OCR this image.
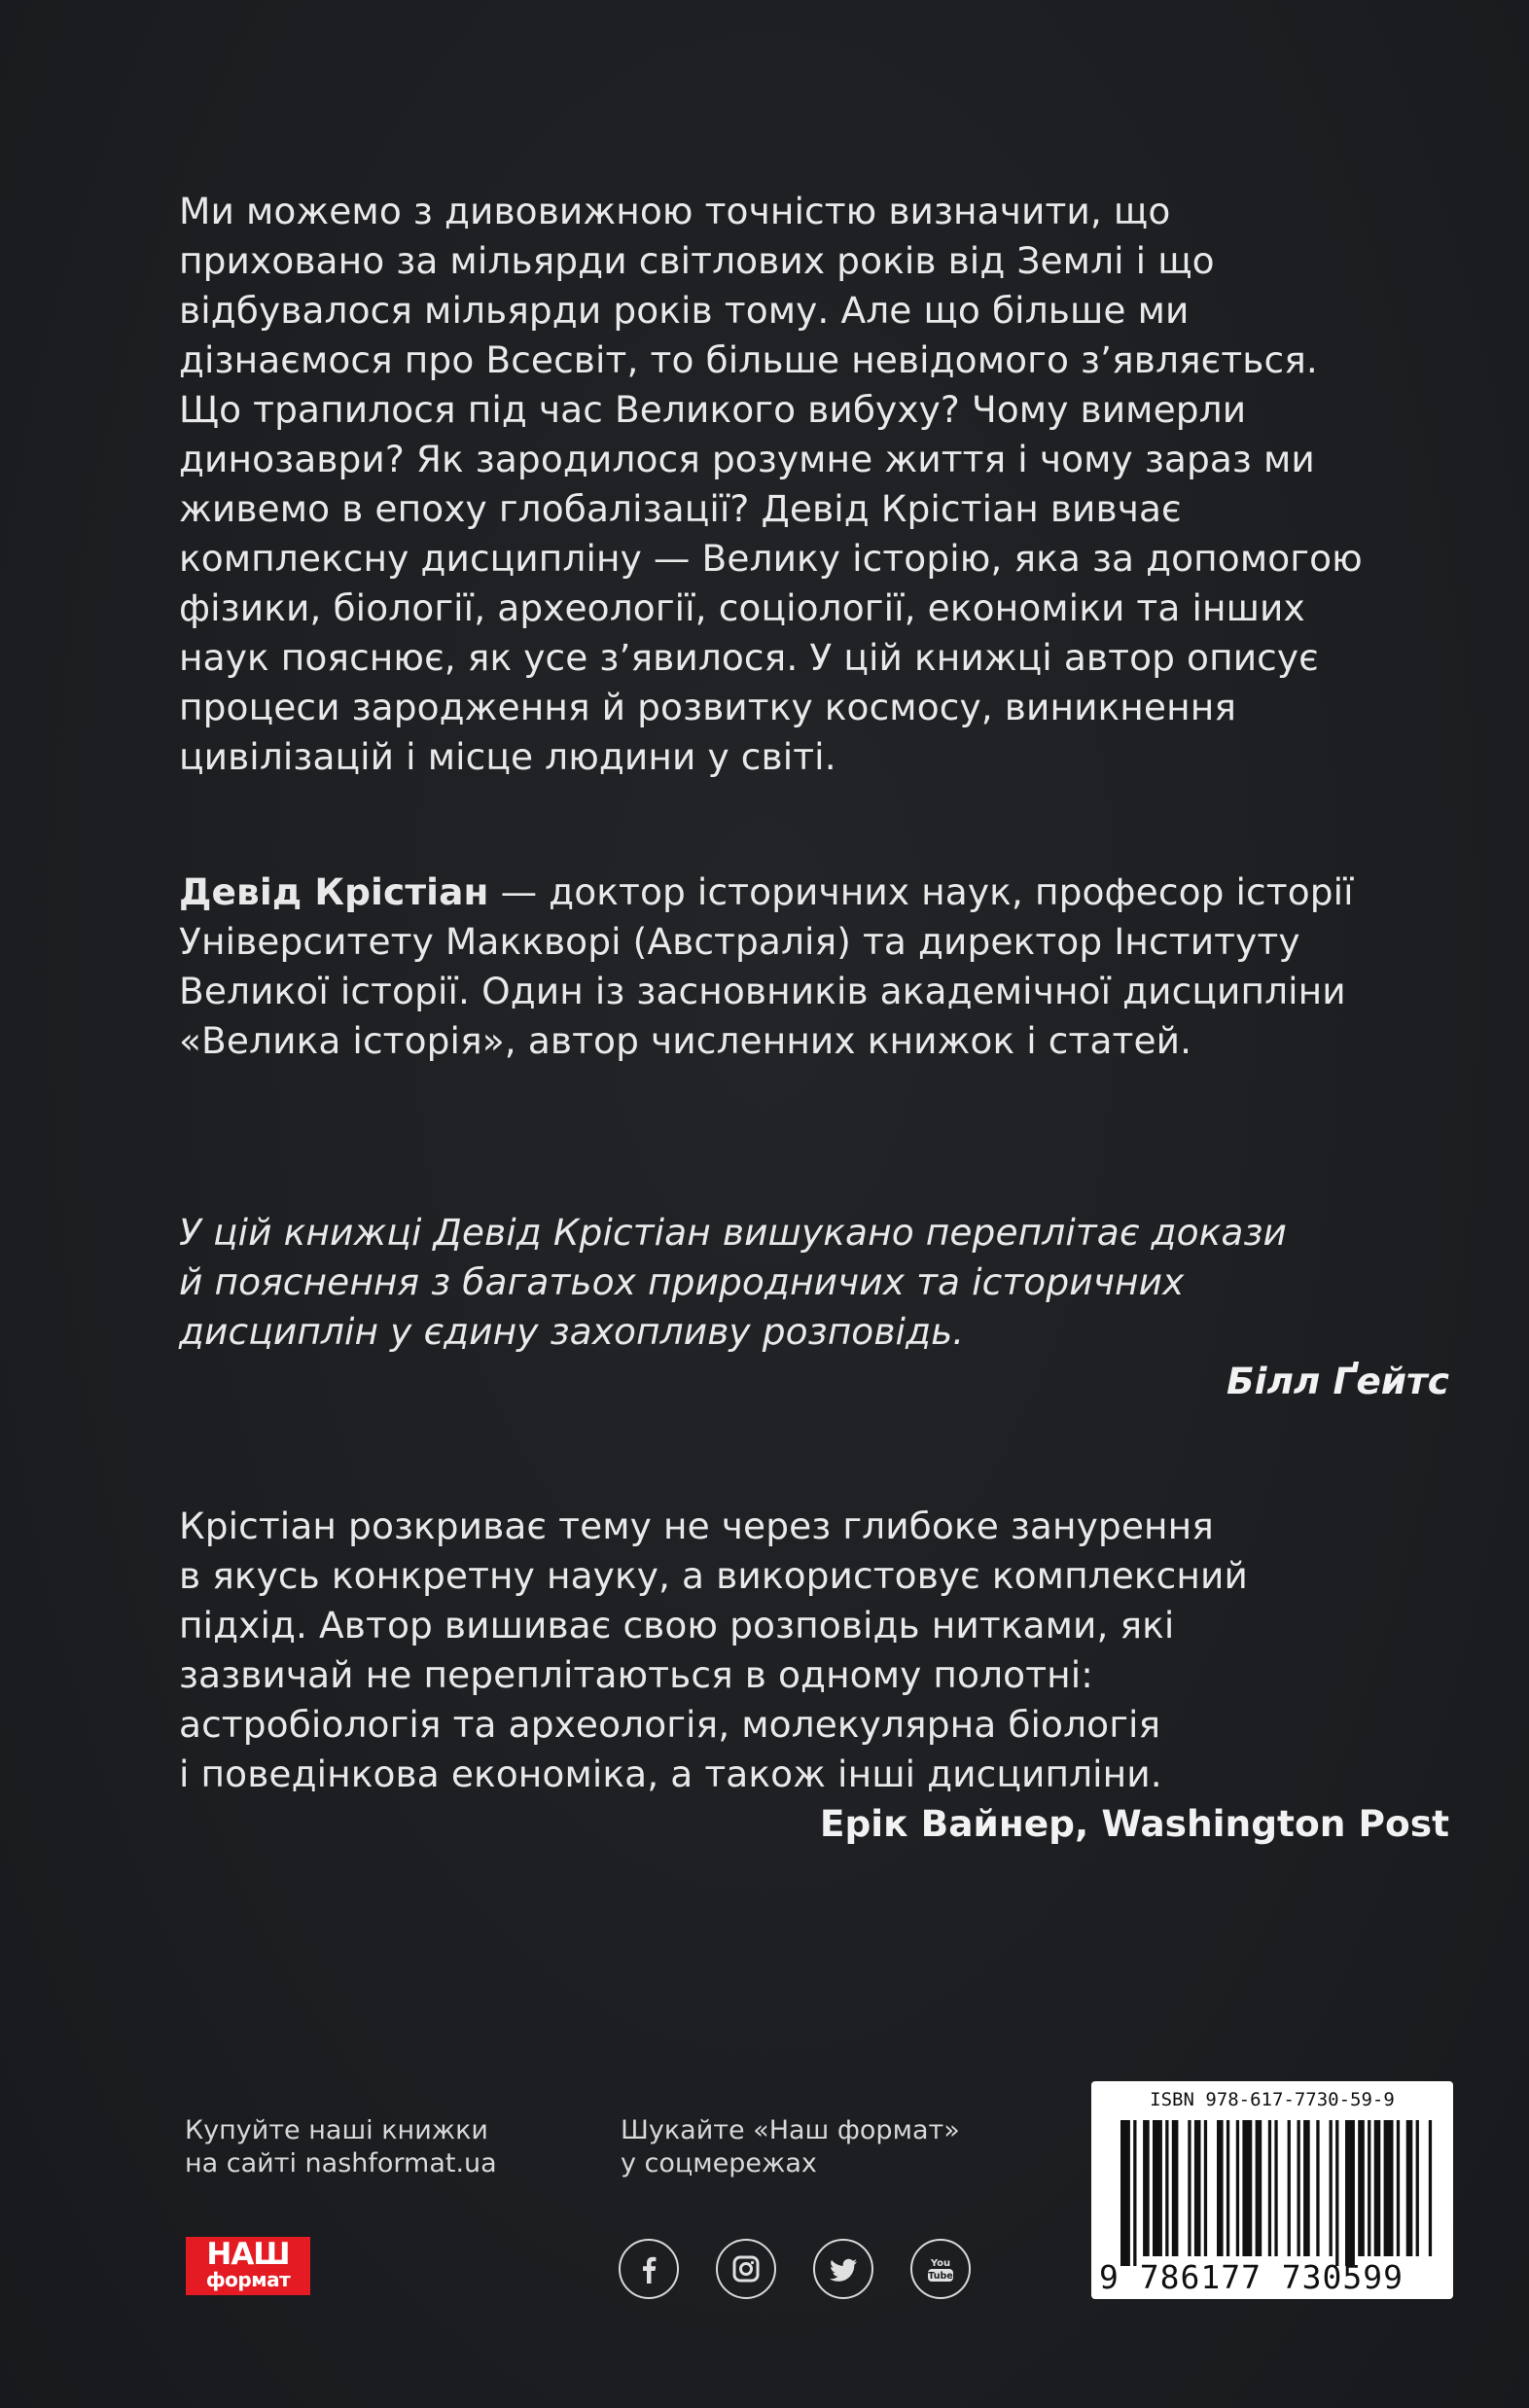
Ми можемо з дивовижною точністю визначити, що
приховано за мільярди світлових років від Землі і що
відбувалося мільярди років тому. Але що більше ми
дізнаємося про Всесвіт, то більше невідомого з’являється.
Що трапилося під час Великого вибуху? Чому вимерли
динозаври? Як зародилося розумне життя і чому зараз ми
живемо в епоху глобалізації? Девід Крістіан вивчає
комплексну дисципліну — Велику історію, яка за допомогою
фізики, біології, археології, соціології, економіки та інших
наук пояснює, як усе з’явилося. У цій книжці автор описує
процеси зародження й розвитку космосу, виникнення
цивілізацій і місце людини у світі.

Девід Крістіан — доктор історичних наук, професор історії
Університету Макквoрі (Австралія) та директор Інституту
Великої історії. Один із засновників академічної дисципліни
«Велика історія», автор численних книжок і статей.

У цій книжці Девід Крістіан вишукано переплітає докази
й пояснення з багатьох природничих та історичних
дисциплін у єдину захопливу розповідь.

Білл Ґейтс

Крістіан розкриває тему не через глибоке занурення
в якусь конкретну науку, а використовує комплексний
підхід. Автор вишиває свою розповідь нитками, які
зазвичай не переплітаються в одному полотні:
астробіологія та археологія, молекулярна біологія
і поведінкова економіка, а також інші дисципліни.

Ерік Вайнер, Washington Post
Купуйте наші книжки
на сайті nashformat.ua
Шукайте «Наш формат»
у соцмережах
НАШ
формат
You
Tube
ISBN 978-617-7730-59-9
9 786177 730599
